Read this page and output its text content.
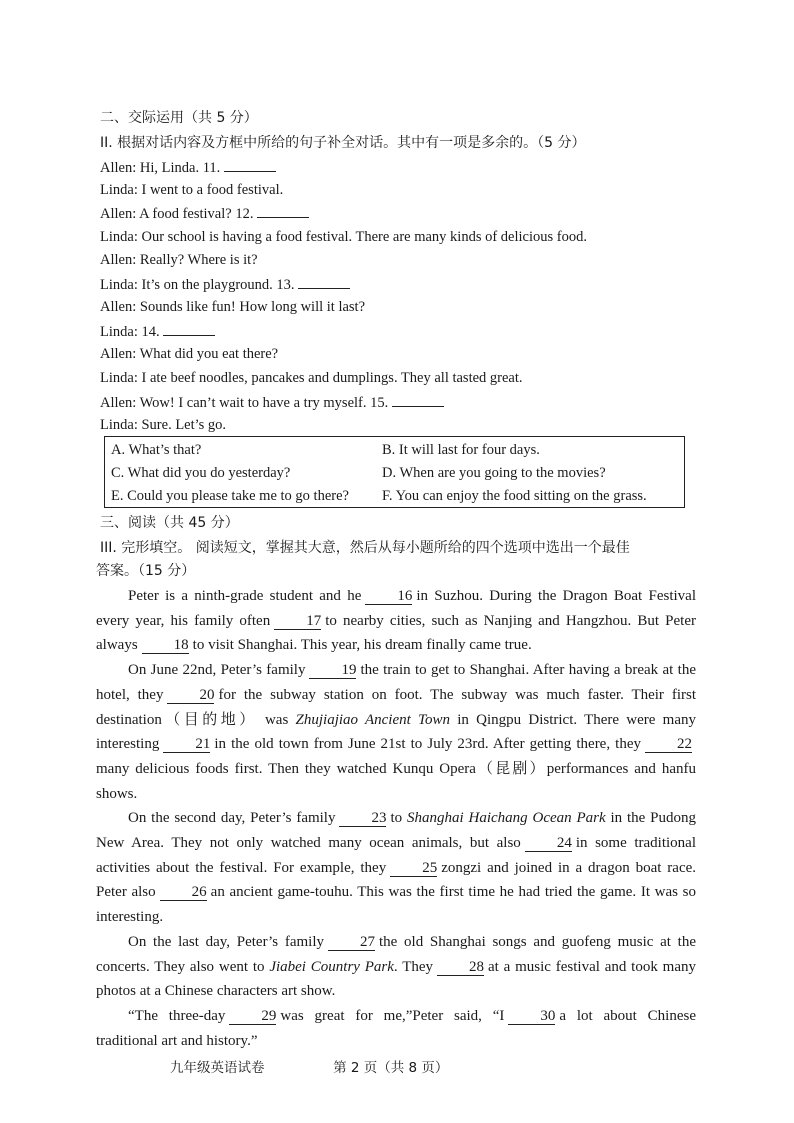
二、交际运用（共 5 分）
II. 根据对话内容及方框中所给的句子补全对话。其中有一项是多余的。（5 分）
Allen: Hi, Linda. 11.
Linda: I went to a food festival.
Allen: A food festival? 12.
Linda: Our school is having a food festival. There are many kinds of delicious food.
Allen: Really? Where is it?
Linda: It’s on the playground. 13.
Allen: Sounds like fun! How long will it last?
Linda: 14.
Allen: What did you eat there?
Linda: I ate beef noodles, pancakes and dumplings. They all tasted great.
Allen: Wow! I can’t wait to have a try myself. 15.
Linda: Sure. Let’s go.
A. What’s that?	B. It will last for four days.
C. What did you do yesterday?	D. When are you going to the movies?
E. Could you please take me to go there? F. You can enjoy the food sitting on the grass.
三、阅读（共 45 分）
III. 完形填空。 阅读短文，掌握其大意，然后从每小题所给的四个选项中选出一个最佳
答案。（15 分）

Peter is a ninth-grade student and he 16 in Suzhou. During the Dragon Boat Festival every year, his family often 17 to nearby cities, such as Nanjing and Hangzhou. But Peter always 18 to visit Shanghai. This year, his dream finally came true.

On June 22nd, Peter’s family 19 the train to get to Shanghai. After having a break at the hotel, they 20 for the subway station on foot. The subway was much faster. Their first destination（目的地） was Zhujiajiao Ancient Town in Qingpu District. There were many interesting 21 in the old town from June 21st to July 23rd. After getting there, they 22many delicious foods first. Then they watched Kunqu Opera（昆剧）performances and hanfu shows.

On the second day, Peter’s family 23 to Shanghai Haichang Ocean Park in the Pudong New Area. They not only watched many ocean animals, but also 24 in some traditional activities about the festival. For example, they 25 zongzi and joined in a dragon boat race. Peter also 26 an ancient game-touhu. This was the first time he had tried the game. It was so interesting.

On the last day, Peter’s family 27 the old Shanghai songs and guofeng music at the concerts. They also went to Jiabei Country Park. They 28 at a music festival and took many photos at a Chinese characters art show.

“The three-day 29 was great for me,”Peter said, “I 30 a lot about Chinese traditional art and history.”

九年级英语试卷	第 2 页（共 8 页）
